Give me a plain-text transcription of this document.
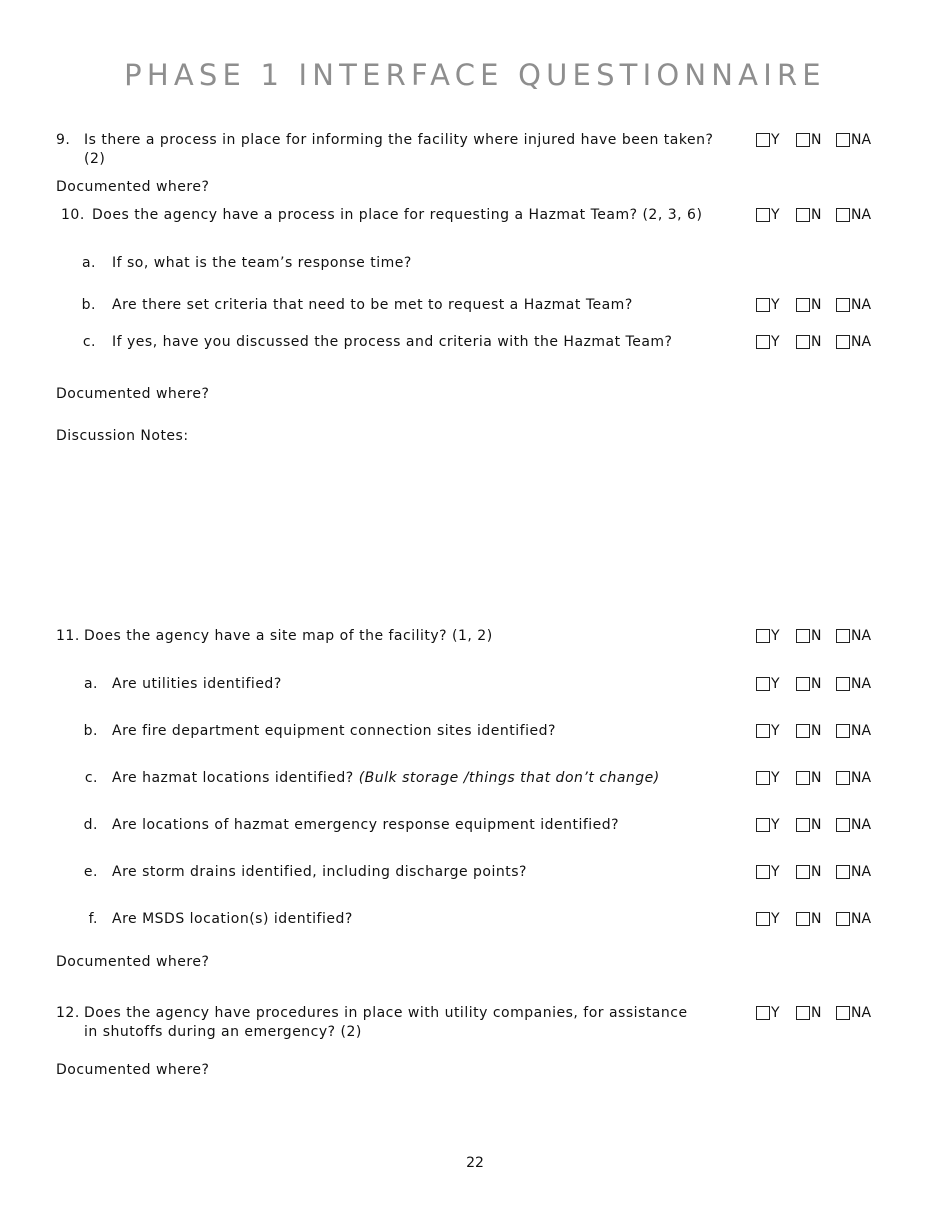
PHASE 1 INTERFACE QUESTIONNAIRE
9. Is there a process in place for informing the facility where injured have been taken?
(2)
Y N NA
Documented where?
10. Does the agency have a process in place for requesting a Hazmat Team? (2, 3, 6)	Y N NA
a. If so, what is the team’s response time?
b. Are there set criteria that need to be met to request a Hazmat Team?	Y N NA
c. If yes, have you discussed the process and criteria with the Hazmat Team?	Y N NA
Documented where?
Discussion Notes:
11. Does the agency have a site map of the facility? (1, 2)	Y N NA
a. Are utilities identified?	Y N NA
b. Are fire department equipment connection sites identified?	Y N NA
c. Are hazmat locations identified? (Bulk storage /things that don’t change)	Y N NA
d. Are locations of hazmat emergency response equipment identified?	Y N NA
e. Are storm drains identified, including discharge points?	Y N NA
f. Are MSDS location(s) identified?	Y N NA
Documented where?
12. Does the agency have procedures in place with utility companies, for assistance
in shutoffs during an emergency? (2)
Y N NA
Documented where?
22
